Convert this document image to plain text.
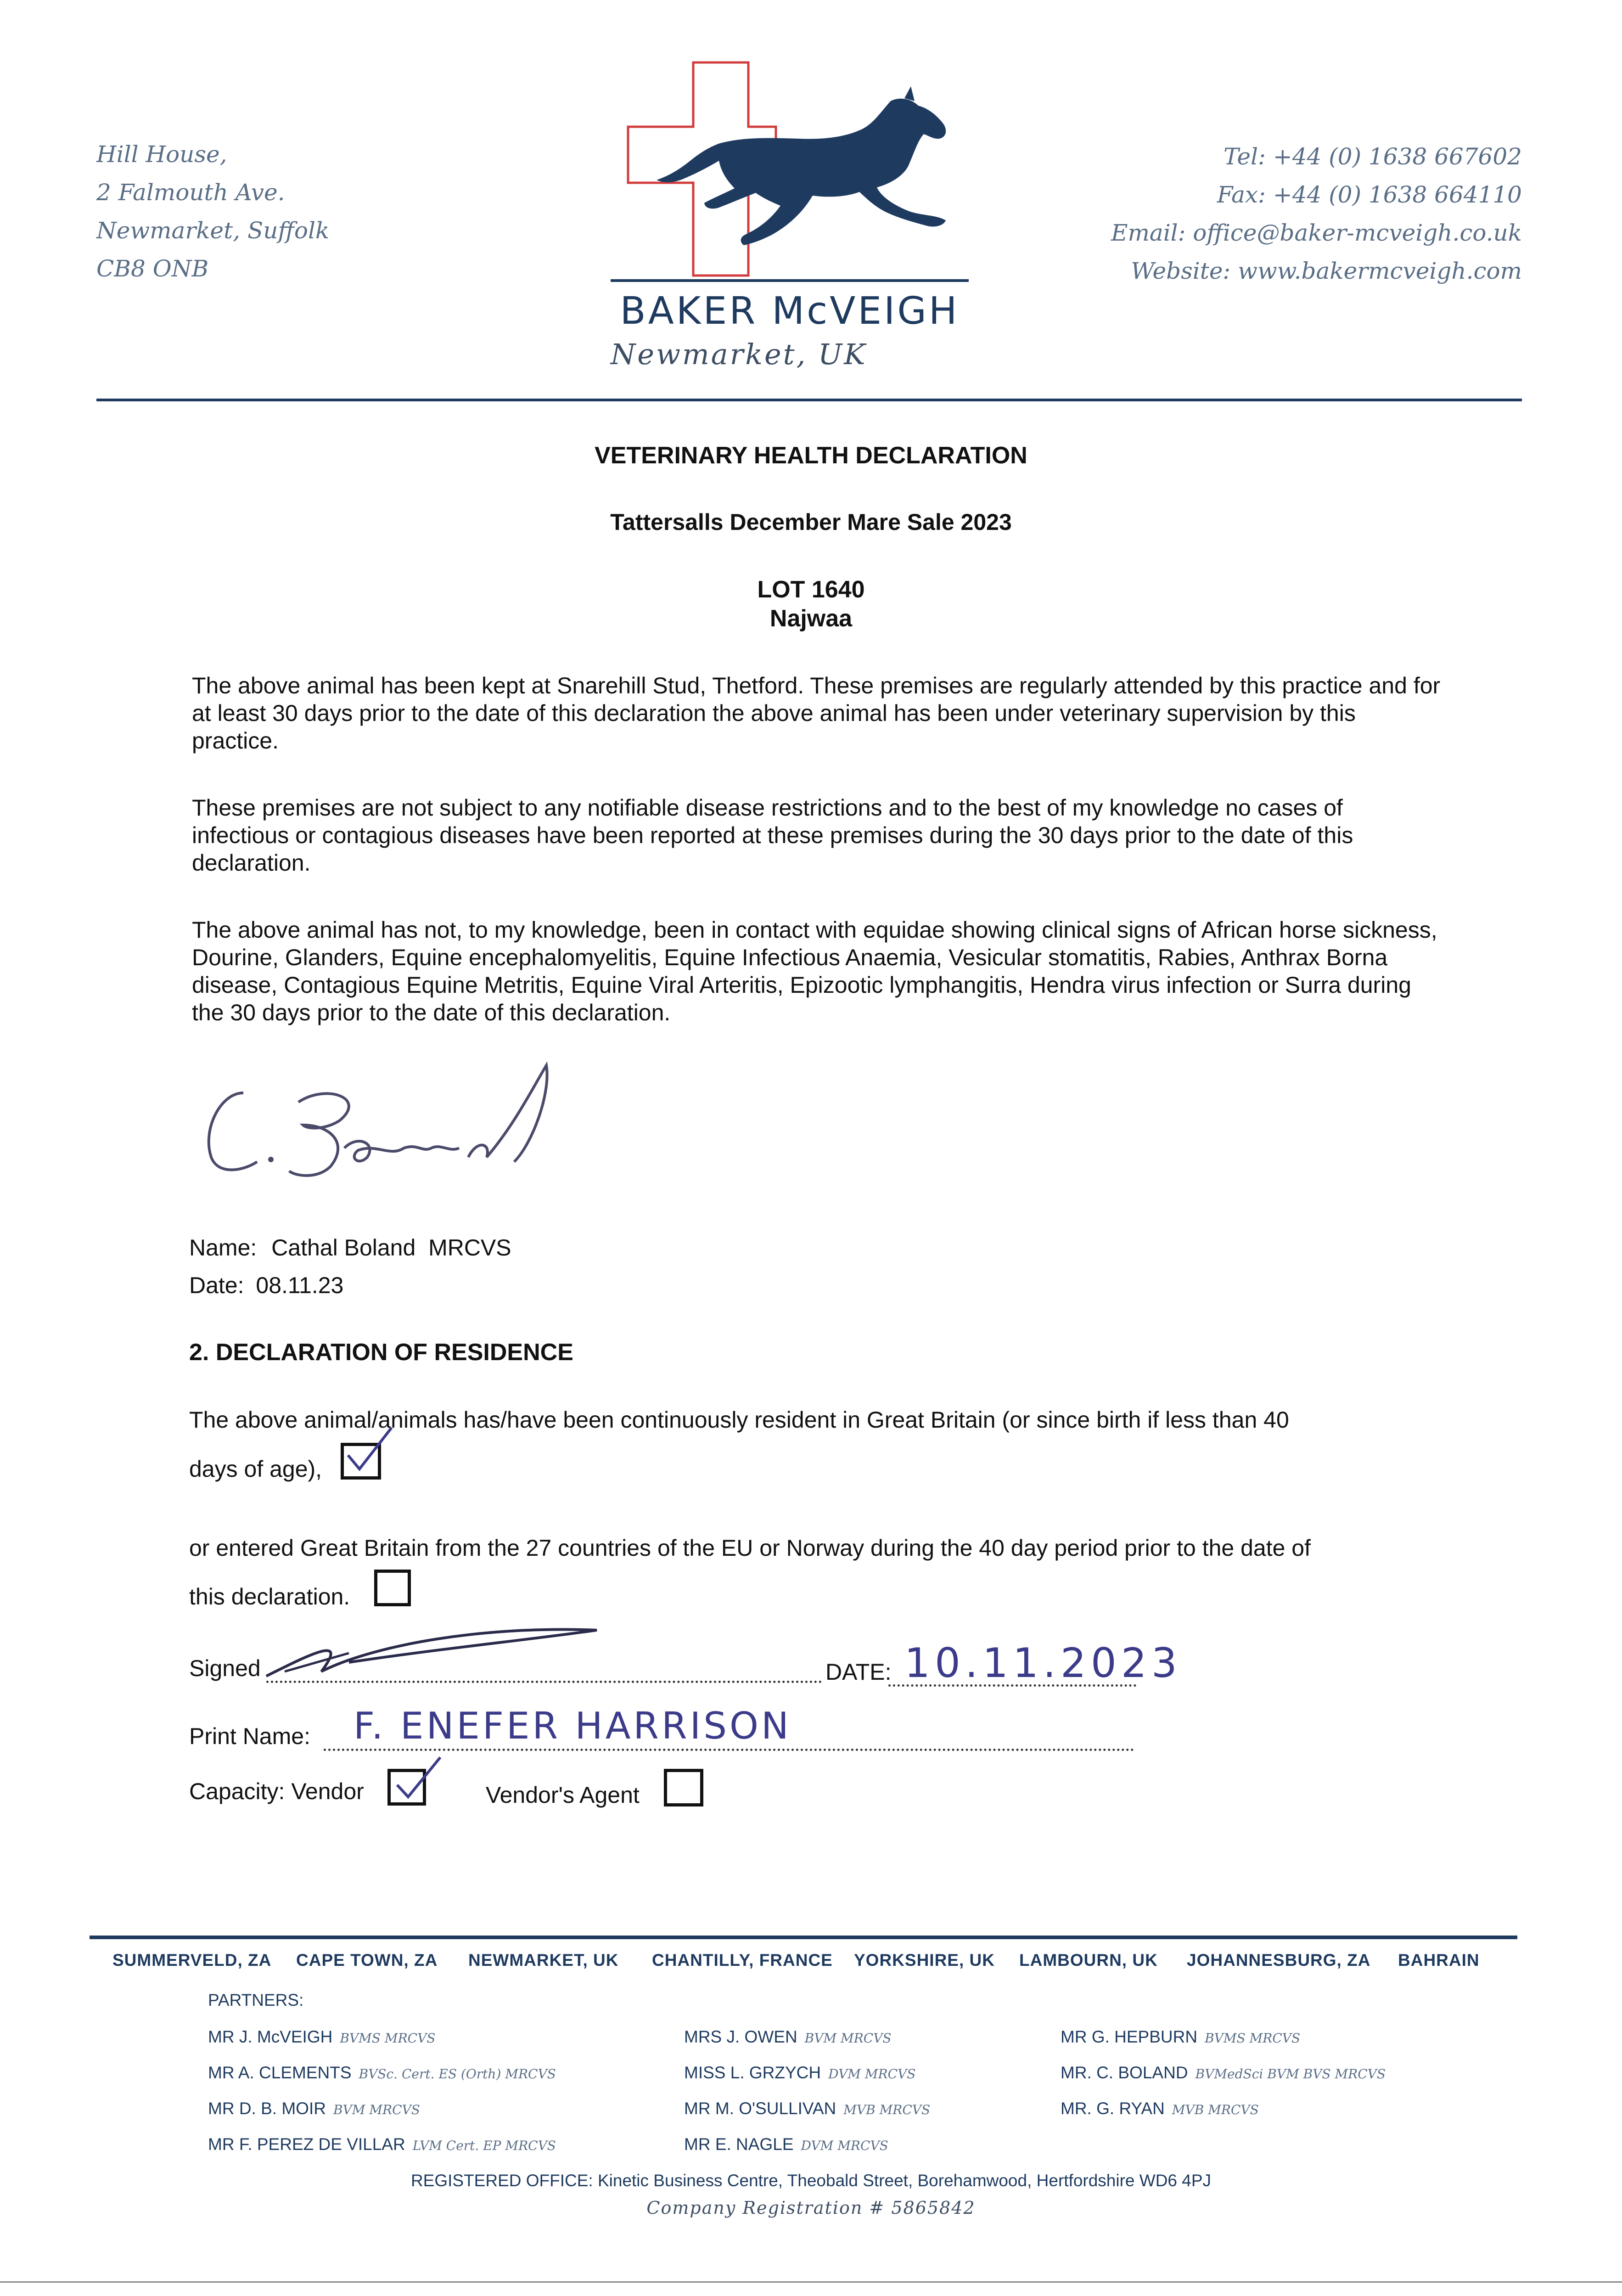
Hill House,
2 Falmouth Ave.
Newmarket, Suffolk
CB8 ONB
BAKER McVEIGH
Newmarket, UK
Tel: +44 (0) 1638 667602
Fax: +44 (0) 1638 664110
Email: office@baker-mcveigh.co.uk
Website: www.bakermcveigh.com
VETERINARY HEALTH DECLARATION
Tattersalls December Mare Sale 2023
LOT 1640
Najwaa
The above animal has been kept at Snarehill Stud, Thetford. These premises are regularly attended by this practice and for at least 30 days prior to the date of this declaration the above animal has been under veterinary supervision by this practice.
These premises are not subject to any notifiable disease restrictions and to the best of my knowledge no cases of infectious or contagious diseases have been reported at these premises during the 30 days prior to the date of this declaration.
The above animal has not, to my knowledge, been in contact with equidae showing clinical signs of African horse sickness, Dourine, Glanders, Equine encephalomyelitis, Equine Infectious Anaemia, Vesicular stomatitis, Rabies, Anthrax Borna disease, Contagious Equine Metritis, Equine Viral Arteritis, Epizootic lymphangitis, Hendra virus infection or Surra during the 30 days prior to the date of this declaration.
Name: Cathal Boland  MRCVS
Date: 08.11.23
2. DECLARATION OF RESIDENCE
The above animal/animals has/have been continuously resident in Great Britain (or since birth if less than 40
days of age),
or entered Great Britain from the 27 countries of the EU or Norway during the 40 day period prior to the date of
this declaration.
Signed	DATE: 10.11.2023
Print Name: F. ENEFER HARRISON
Capacity: Vendor	Vendor's Agent
SUMMERVELD, ZA CAPE TOWN, ZA NEWMARKET, UK CHANTILLY, FRANCE YORKSHIRE, UK LAMBOURN, UK JOHANNESBURG, ZA BAHRAIN
PARTNERS:
MR J. McVEIGH BVMS MRCVS
MR A. CLEMENTS BVSc. Cert. ES (Orth) MRCVS
MR D. B. MOIR BVM MRCVS
MR F. PEREZ DE VILLAR LVM Cert. EP MRCVS
MRS J. OWEN BVM MRCVS
MISS L. GRZYCH DVM MRCVS
MR M. O'SULLIVAN MVB MRCVS
MR E. NAGLE DVM MRCVS
MR G. HEPBURN BVMS MRCVS
MR. C. BOLAND BVMedSci BVM BVS MRCVS
MR. G. RYAN MVB MRCVS
REGISTERED OFFICE: Kinetic Business Centre, Theobald Street, Borehamwood, Hertfordshire WD6 4PJ
Company Registration # 5865842
